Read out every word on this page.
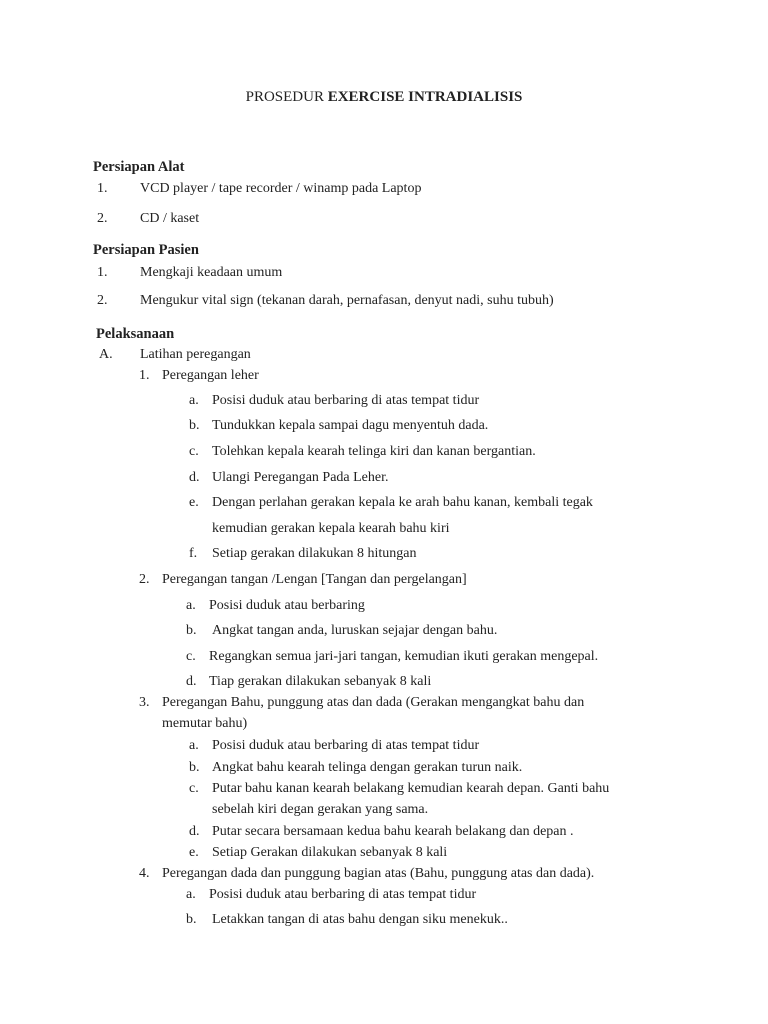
PROSEDUR EXERCISE INTRADIALISIS
Persiapan Alat
1. VCD player / tape recorder / winamp pada Laptop
2. CD / kaset
Persiapan Pasien
1. Mengkaji keadaan umum
2. Mengukur vital sign (tekanan darah, pernafasan, denyut nadi, suhu tubuh)
Pelaksanaan
A. Latihan peregangan
1. Peregangan leher
a. Posisi duduk atau berbaring di atas tempat tidur
b. Tundukkan kepala sampai dagu menyentuh dada.
c. Tolehkan kepala kearah telinga kiri dan kanan bergantian.
d. Ulangi Peregangan Pada Leher.
e. Dengan perlahan gerakan kepala ke arah bahu kanan, kembali tegak
kemudian gerakan kepala kearah bahu kiri
f. Setiap gerakan dilakukan 8 hitungan
2. Peregangan tangan /Lengan [Tangan dan pergelangan]
a. Posisi duduk atau berbaring
b. Angkat tangan anda, luruskan sejajar dengan bahu.
c. Regangkan semua jari-jari tangan, kemudian ikuti gerakan mengepal.
d. Tiap gerakan dilakukan sebanyak 8 kali
3. Peregangan Bahu, punggung atas dan dada (Gerakan mengangkat bahu dan
memutar bahu)
a. Posisi duduk atau berbaring di atas tempat tidur
b. Angkat bahu kearah telinga dengan gerakan turun naik.
c. Putar bahu kanan kearah belakang kemudian kearah depan. Ganti bahu
sebelah kiri degan gerakan yang sama.
d. Putar secara bersamaan kedua bahu kearah belakang dan depan .
e. Setiap Gerakan dilakukan sebanyak 8 kali
4. Peregangan dada dan punggung bagian atas (Bahu, punggung atas dan dada).
a. Posisi duduk atau berbaring di atas tempat tidur
b. Letakkan tangan di atas bahu dengan siku menekuk..
